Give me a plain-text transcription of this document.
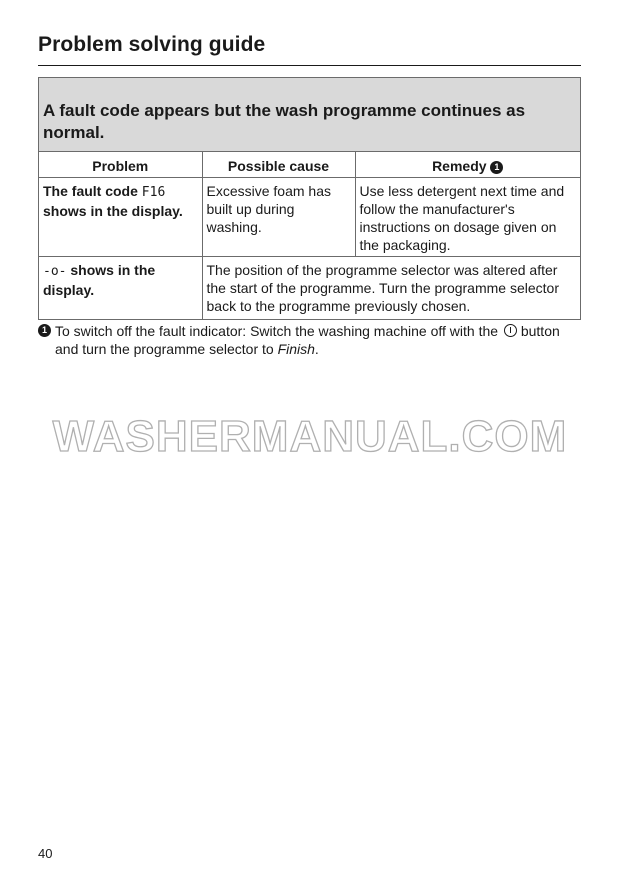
Problem solving guide
A fault code appears but the wash programme continues as normal.
Problem	Possible cause	Remedy 1
The fault code F16 shows in the display.	Excessive foam has built up during washing.	Use less detergent next time and follow the manufacturer's instructions on dosage given on the packaging.
-o- shows in the display.	The position of the programme selector was altered after the start of the programme. Turn the programme selector back to the programme previously chosen.	
1 To switch off the fault indicator: Switch the washing machine off with the  button and turn the programme selector to Finish.
WASHERMANUAL.COM
40
